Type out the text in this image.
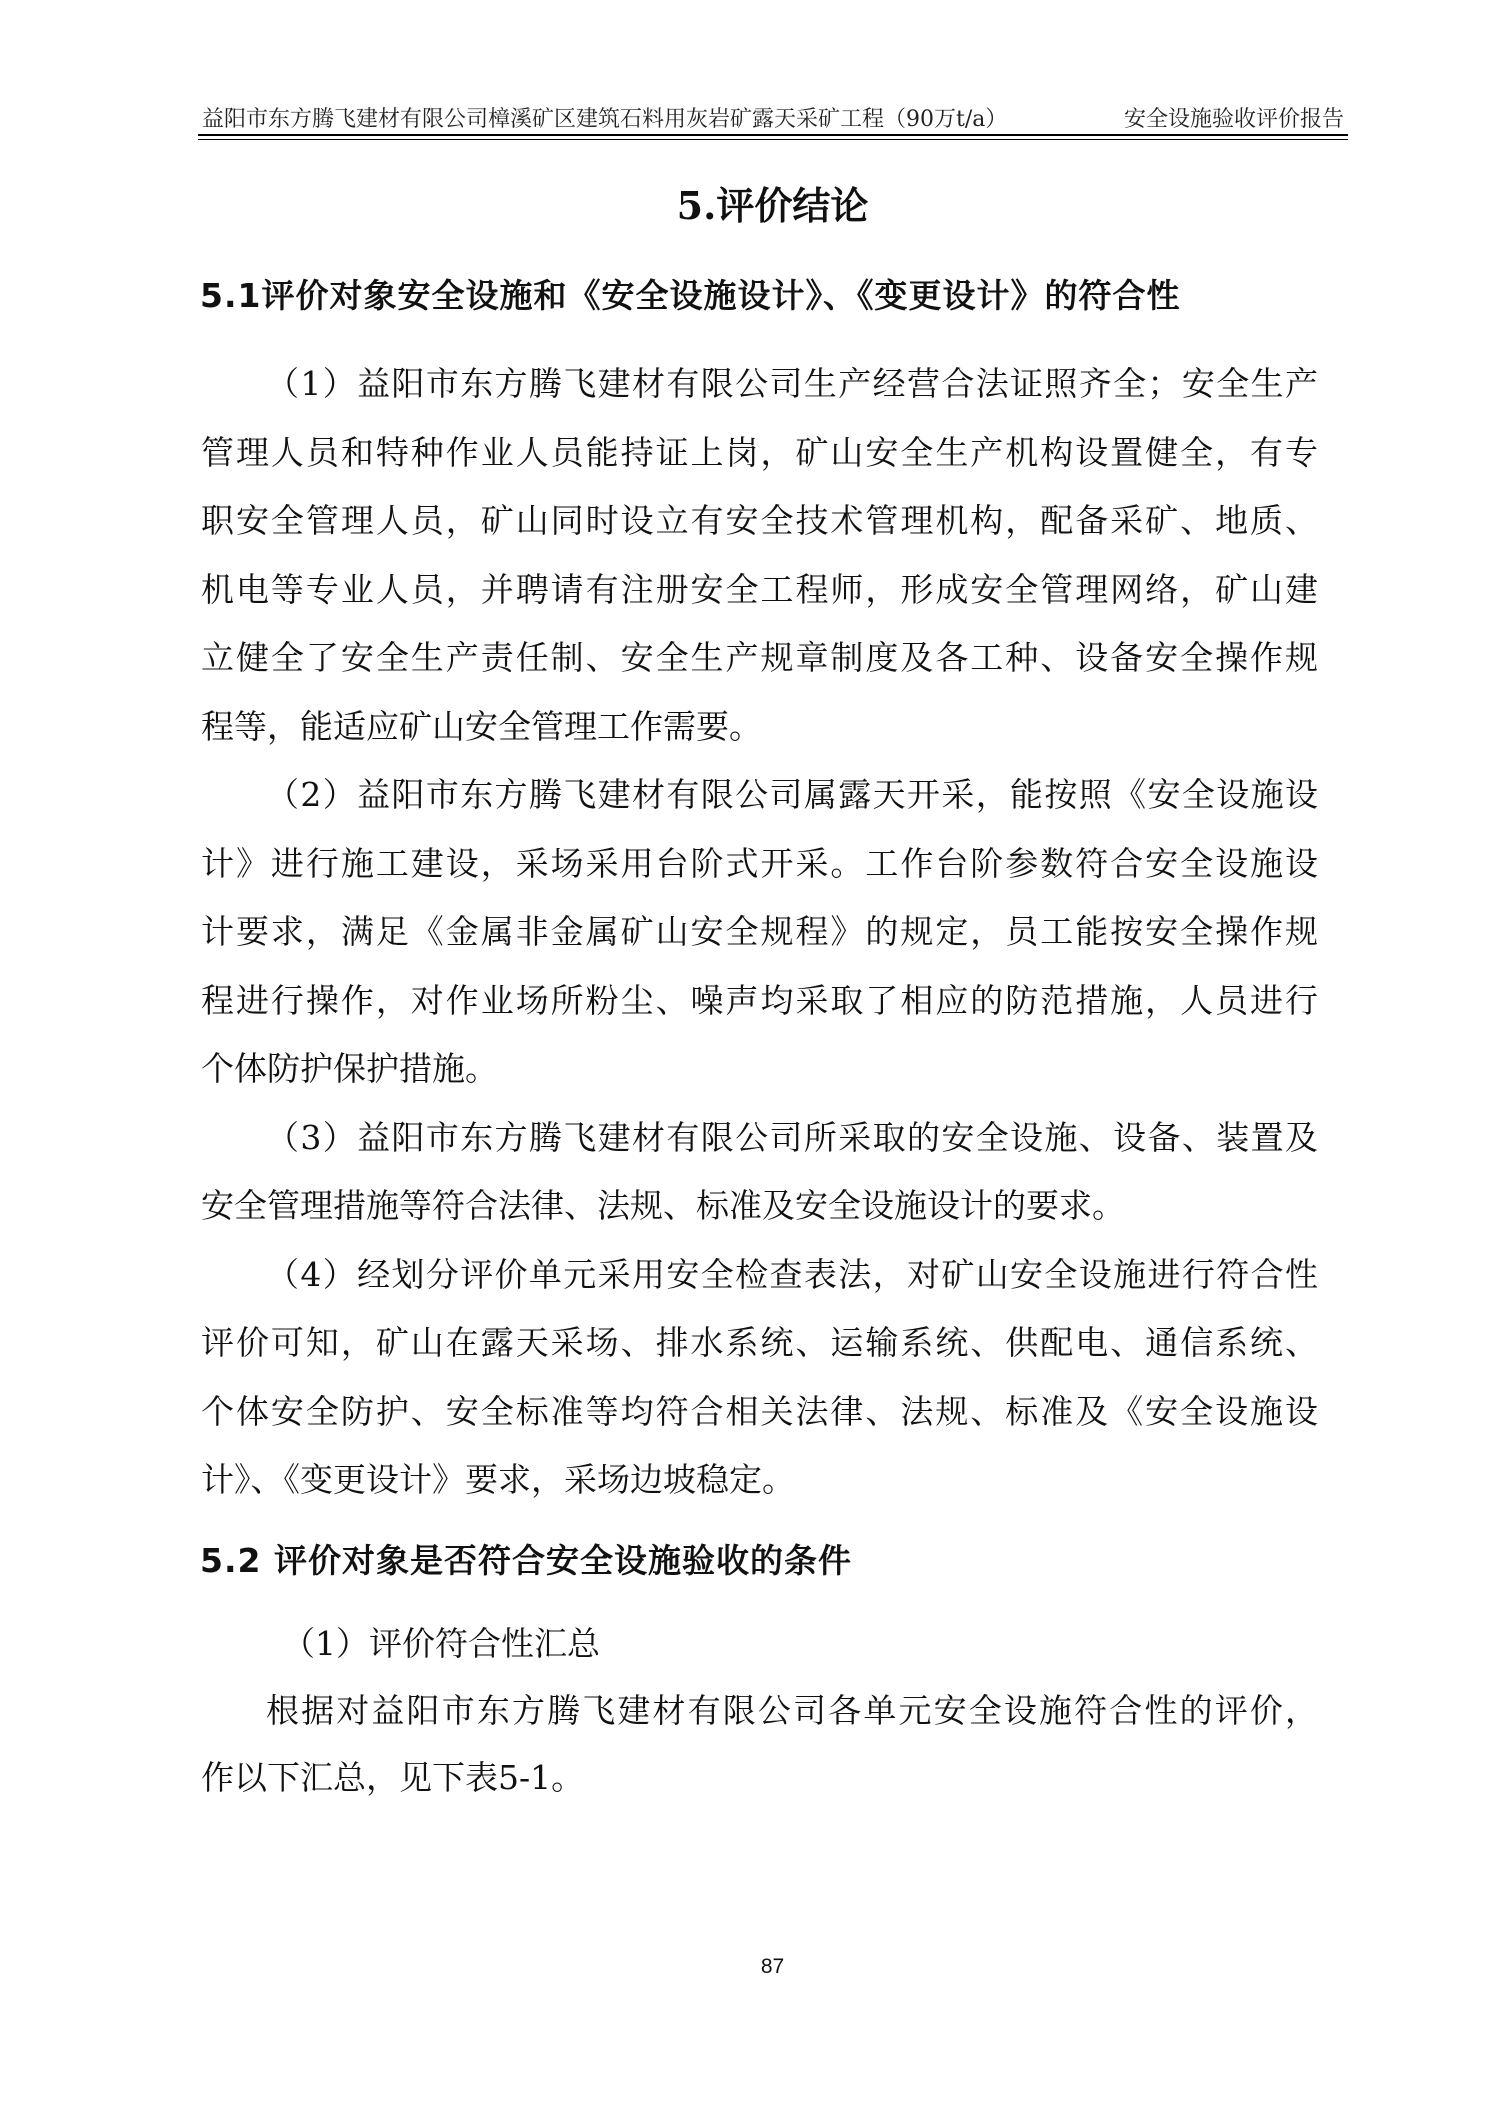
益阳市东方腾飞建材有限公司樟溪矿区建筑石料用灰岩矿露天采矿工程（90万t/a）	安全设施验收评价报告
5.评价结论
5.1评价对象安全设施和《安全设施设计》、《变更设计》的符合性
（1）益阳市东方腾飞建材有限公司生产经营合法证照齐全；安全生产
管理人员和特种作业人员能持证上岗，矿山安全生产机构设置健全，有专
职安全管理人员，矿山同时设立有安全技术管理机构，配备采矿、地质、
机电等专业人员，并聘请有注册安全工程师，形成安全管理网络，矿山建
立健全了安全生产责任制、安全生产规章制度及各工种、设备安全操作规
程等，能适应矿山安全管理工作需要。
（2）益阳市东方腾飞建材有限公司属露天开采，能按照《安全设施设
计》进行施工建设，采场采用台阶式开采。工作台阶参数符合安全设施设
计要求，满足《金属非金属矿山安全规程》的规定，员工能按安全操作规
程进行操作，对作业场所粉尘、噪声均采取了相应的防范措施，人员进行
个体防护保护措施。
（3）益阳市东方腾飞建材有限公司所采取的安全设施、设备、装置及
安全管理措施等符合法律、法规、标准及安全设施设计的要求。
（4）经划分评价单元采用安全检查表法，对矿山安全设施进行符合性
评价可知，矿山在露天采场、排水系统、运输系统、供配电、通信系统、
个体安全防护、安全标准等均符合相关法律、法规、标准及《安全设施设
计》、《变更设计》要求，采场边坡稳定。
5.2 评价对象是否符合安全设施验收的条件
（1）评价符合性汇总
根据对益阳市东方腾飞建材有限公司各单元安全设施符合性的评价，
作以下汇总，见下表5-1。
87
